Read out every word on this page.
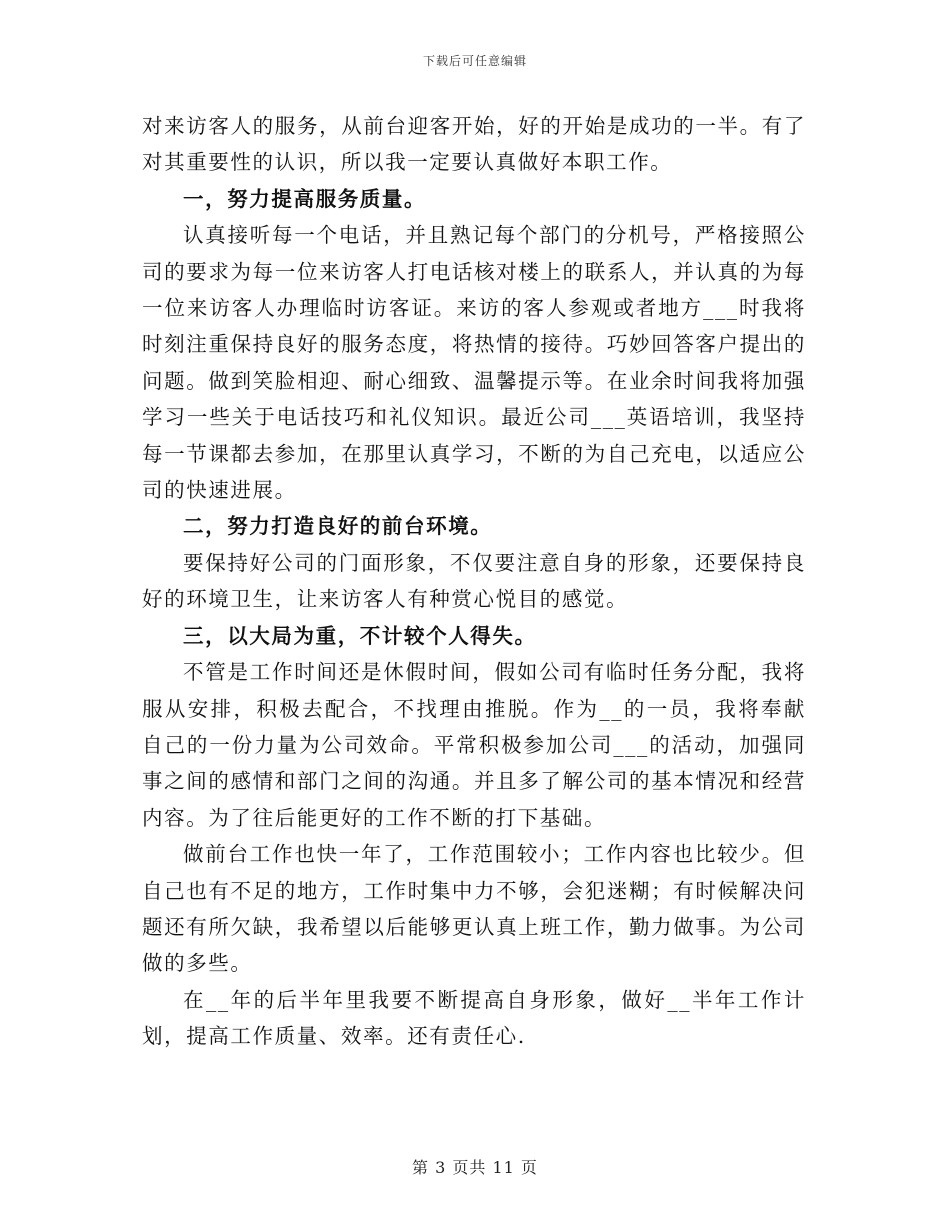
下载后可任意编辑

对来访客人的服务，从前台迎客开始，好的开始是成功的一半。有了对其重要性的认识，所以我一定要认真做好本职工作。

一，努力提高服务质量。

认真接听每一个电话，并且熟记每个部门的分机号，严格接照公司的要求为每一位来访客人打电话核对楼上的联系人，并认真的为每一位来访客人办理临时访客证。来访的客人参观或者地方___时我将时刻注重保持良好的服务态度，将热情的接待。巧妙回答客户提出的问题。做到笑脸相迎、耐心细致、温馨提示等。在业余时间我将加强学习一些关于电话技巧和礼仪知识。最近公司___英语培训，我坚持每一节课都去参加，在那里认真学习，不断的为自己充电，以适应公司的快速进展。

二，努力打造良好的前台环境。

要保持好公司的门面形象，不仅要注意自身的形象，还要保持良好的环境卫生，让来访客人有种赏心悦目的感觉。

三，以大局为重，不计较个人得失。

不管是工作时间还是休假时间，假如公司有临时任务分配，我将服从安排，积极去配合，不找理由推脱。作为__的一员，我将奉献自己的一份力量为公司效命。平常积极参加公司___的活动，加强同事之间的感情和部门之间的沟通。并且多了解公司的基本情况和经营内容。为了往后能更好的工作不断的打下基础。

做前台工作也快一年了，工作范围较小；工作内容也比较少。但自己也有不足的地方，工作时集中力不够，会犯迷糊；有时候解决问题还有所欠缺，我希望以后能够更认真上班工作，勤力做事。为公司做的多些。

在__年的后半年里我要不断提高自身形象，做好__半年工作计划，提高工作质量、效率。还有责任心.

第 3 页共 11 页
